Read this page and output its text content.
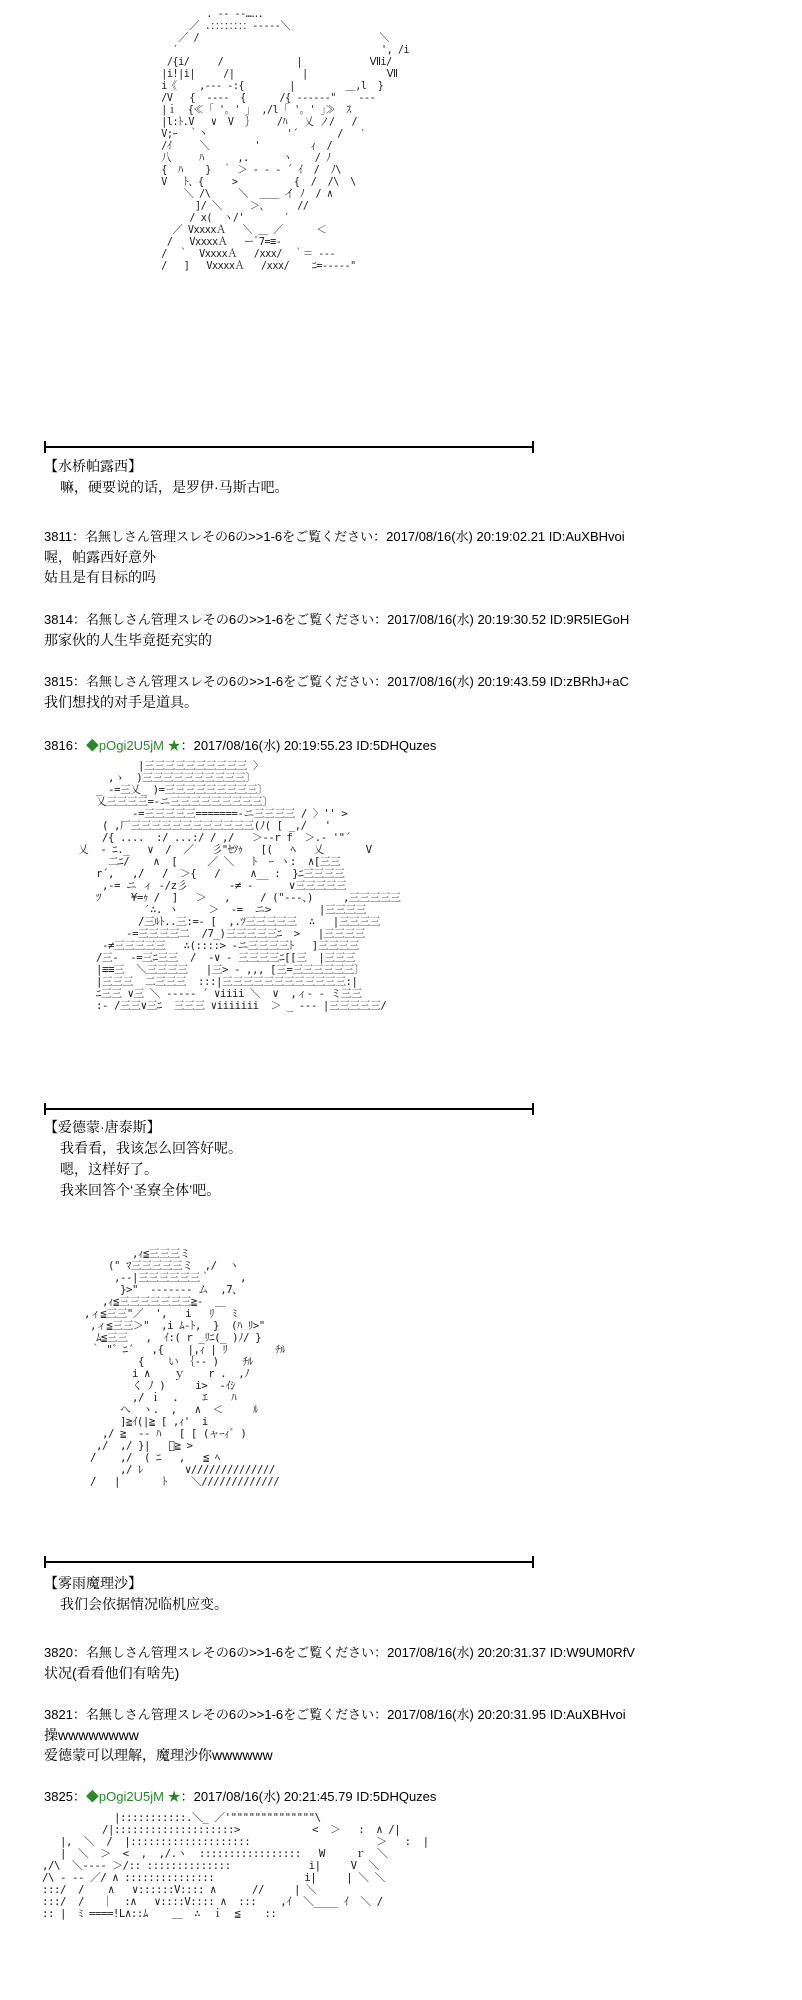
. ‐‐ ‐‐…‥.
／ .：：：：：：：：‐‐‐‐‐＼
／ /                                ＼
′                                    ', /i
/{i/     /             |            Ⅶi/
|i!|i|     /|            |              Ⅶ
i《    ,‐‐‐ ‐:{        |         ＿,l  }
/V   {  ‐‐‐‐  {      /{ ‐‐‐‐‐‐"    ‐‐‐
|ｉ  {≪ ｢ '。' ｣  ,/l ｢ '。' ｣≫  ｽ
|l:ﾄ.V   ∨  V  ｝    /ﾊ   乂 ノ/   /
V;ｰ  ｀丶              '´       /   ′
/ｲ     ＼        '         ｨ  /
八     ﾊ      ,.      ヽ    / ﾉ
{  ﾊ    }  ｀ ＞ ‐ ‐ ‐ ´ ｲ  /  ﾉ\
V   ﾄ、{     >          {  /  /\  \
＼ /\     ＼  ＿＿ イ ﾉ  / ∧
]/ ＼     ＞、     //
/ x(  ヽ/'       ′
／ VxxxxＡ   ＼ ＿ ／      ＜
/   VxxxxＡ   ーﾟ7=≡-
/  ｀  VxxxxＡ   /xxx/  ｀＝ ‐‐‐
/   ]   VxxxxＡ   /xxx/    ﾆ=‐‐‐‐‐"
【水桥帕露西】
嘛，硬要说的话，是罗伊·马斯古吧。
3811：名無しさん管理スレその6の>>1-6をご覧ください：2017/08/16(水) 20:19:02.21 ID:AuXBHvoi
喔，帕露西好意外
姑且是有目标的吗
3814：名無しさん管理スレその6の>>1-6をご覧ください：2017/08/16(水) 20:19:30.52 ID:9R5IEGoH
那家伙的人生毕竟挺充实的
3815：名無しさん管理スレその6の>>1-6をご覧ください：2017/08/16(水) 20:19:43.59 ID:zBRhJ+aC
我们想找的对手是道具。
3816：◆pOgi2U5jM ★：2017/08/16(水) 20:19:55.23 ID:5DHQuzes
|三三三三三三三三三三 〉
,ゝ  )三三三三三三三三三三〕
_ ‐=三乂_ )=三三三三三三三三三〕
乂三三三三=‐ニ三三三三三三三三三〕
‐=三三三三三=======‐ニ三三三三 / 〉'' >
( ,厂三三三三三三三三三三三三(ﾉ( [ _,/   '
/{ ....  :/ ...:/ / ,/   ＞‐‐r f  ＞.‐ '"´
乂  ‐ ﾆ._   ∨  /  ／   彡"ｾﾂｩ   [(   ﾍ   乂       V
二ﾆ/    ∧  [     ／ ＼   ﾄ  ｰ ヽ:  ∧[三三
r´,   ,/   /  ＞{   /     ∧__ :  }ﾆ三三三三
,‐= ニ ィ ‐/z彡       ‐≠ ‐      ∨三三三三三
ﾂ     ¥=ｩ /  ]   ＞   ,     / ("‐‐‐、)     ,三三三三三
′∴. ヽ     ＞  ‐=  ニ>        |三三三三
/三ﾙﾄ..三:=‐ [  ,.ﾂ三三三三三  ∴   |三三三三
‐=三三三三二  /7_)三三三三三ﾆ  >   |三三三三
‐≠三三三三三   ∴(::::> ‐ニ三三三三ﾄ   ]三三三三
/三‐  ‐=三ﾆ三三  /  ‐∨ ‐ 三三三三ﾆ[[三  |三三三
|≡≡三  ＼三三三三   |三> ‐ ,,, [三=三三三三三三〕
|三三三  二三三三  :::|三三三三三三三三三三三三:|
ﾆ三三 ∨三 ＼ ‐‐‐‐‐ ´ ∨iiii ＼  ∨  ,ィ‐ ‐ ミ三三
:‐ /三三∨三ﾆ  三三三 ∨iiiiiii  ＞ _ ‐‐‐ |三三三三三/
【爱德蒙·唐泰斯】
我看看，我该怎么回答好呢。
嗯，这样好了。
我来回答个‘圣寮全体’吧。
,ｨ≦三三三ミ
(" ﾏ三三三三三ミ  ,/  ヽ
,‐-|三三三三三三｀     ,
}>"  ‐‐‐‐‐‐‐ ム  ,7、
,ｨ≦三三三三三三三≧‐  ＿
,ィ≦三三"／  ',   i   ﾘ   ﾐ
,ィ≦三三＞"  ,i ﾑ‐ﾄ,  }  (ﾊ ﾘ>"
ﾑ≦三三   ,  ｲ:( r _ﾘﾆ(_ )ﾉ/ }
｀ "゛ﾆ´   ,{    |,ｨ | ﾘ        ﾁﾙ
{    い ｛‐‐ )    ﾁﾙ
i ∧    ｙ    r .  ,ﾉ
く ﾉ )     i>  ‐ｲｼ
,/ ｉ  .    ｴ    ﾊ
へ  ヽ.  ,   ∧  ＜     ﾙ
]≧ｲ(|≧ [ ,ｨ'  i
,/ ≧  ‐‐ ﾊ   [ [ (ャｰｨﾞ )
,/  ,/ }|   ﾟ≧ >
/    ,/  ( ﾆ   ,   ≦ ﾍ
,/ ﾚ       ∨//////////////
/   |       ﾄ    ＼/////////////
【雾雨魔理沙】
我们会依据情况临机应变。
3820：名無しさん管理スレその6の>>1-6をご覧ください：2017/08/16(水) 20:20:31.37 ID:W9UM0RfV
状况(看看他们有啥先)
3821：名無しさん管理スレその6の>>1-6をご覧ください：2017/08/16(水) 20:20:31.95 ID:AuXBHvoi
操wwwwwwww
爱德蒙可以理解，魔理沙你wwwwww
3825：◆pOgi2U5jM ★：2017/08/16(水) 20:21:45.79 ID:5DHQuzes
|:::::::::::.＼_ ／'""""""""""""""\
/|::::::::::::::::::::>            <  ＞   :  ∧ /|
|,  ＼  /  |::::::::::::::::::::                     ＞   :  |
|  ＼  ＞  <  ,  ,/.ヽ  :::::::::::::::::   W     ｒ  ＼
,/\  ＼‐‐‐‐ ＞/:: ::::::::::::::             i|     V  ＼
/\ ‐ ‐‐ ／/ ∧ :::::::::::::::               i|     | ＼ ＼
:::/  /    ∧   ∨::::::V:::: ∧      //     | ＼
:::/  /   ｜  :∧   ∨::::V:::: ∧  :::    ,ｲ  ＼____ ｲ  ＼ /
:: |  ﾐ ====!L∧::ﾑ    ＿  ∴  ｉ  ≦    ::
